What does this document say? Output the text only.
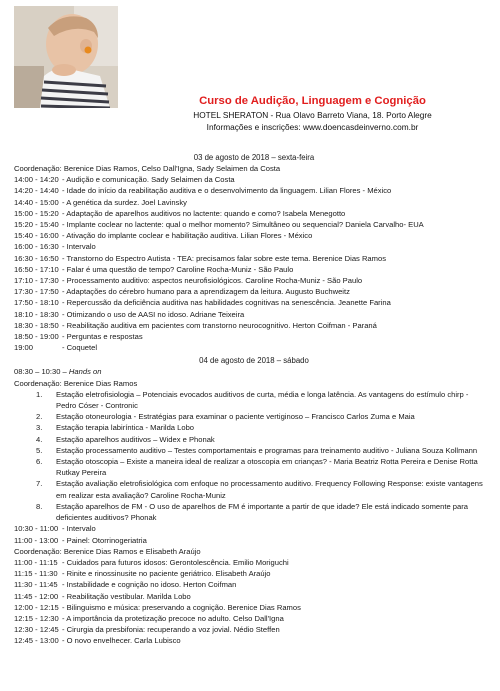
Curso de Audição, Linguagem e Cognição
HOTEL SHERATON - Rua Olavo Barreto Viana, 18. Porto Alegre
Informações e inscrições: www.doencasdeinverno.com.br
03 de agosto de 2018 – sexta-feira
Coordenação: Berenice Dias Ramos, Celso Dall'Igna, Sady Selaimen da Costa
14:00 - 14:20 - Audição e comunicação. Sady Selaimen da Costa
14:20 - 14:40 - Idade do início da reabilitação auditiva e o desenvolvimento da linguagem. Lilian Flores - México
14:40 - 15:00 - A genética da surdez. Joel Lavinsky
15:00 - 15:20 - Adaptação de aparelhos auditivos no lactente: quando e como? Isabela Menegotto
15:20 - 15:40 - Implante coclear no lactente: qual o melhor momento? Simultâneo ou sequencial? Daniela Carvalho- EUA
15:40 - 16:00 - Ativação do implante coclear e habilitação auditiva. Lilian Flores - México
16:00 - 16:30 - Intervalo
16:30 - 16:50 - Transtorno do Espectro Autista - TEA: precisamos falar sobre este tema. Berenice Dias Ramos
16:50 - 17:10 - Falar é uma questão de tempo? Caroline Rocha-Muniz - São Paulo
17:10 - 17:30 - Processamento auditivo: aspectos neurofisiológicos. Caroline Rocha-Muniz - São Paulo
17:30 - 17:50 - Adaptações do cérebro humano para a aprendizagem da leitura. Augusto Buchweitz
17:50 - 18:10 - Repercussão da deficiência auditiva nas habilidades cognitivas na senescência. Jeanette Farina
18:10 - 18:30 - Otimizando o uso de AASI no idoso. Adriane Teixeira
18:30 - 18:50 - Reabilitação auditiva em pacientes com transtorno neurocognitivo. Herton Coifman - Paraná
18:50 - 19:00 - Perguntas e respostas
19:00	- Coquetel
04 de agosto de 2018 – sábado
08:30 – 10:30 – Hands on
Coordenação: Berenice Dias Ramos
1. Estação eletrofisiologia – Potenciais evocados auditivos de curta, média e longa latência. As vantagens do estímulo chirp - Pedro Cóser - Contronic
2. Estação otoneurologia - Estratégias para examinar o paciente vertiginoso – Francisco Carlos Zuma e Maia
3. Estação terapia labiríntica - Marilda Lobo
4. Estação aparelhos auditivos – Widex e Phonak
5. Estação processamento auditivo – Testes comportamentais e programas para treinamento auditivo - Juliana Souza Kollmann
6. Estação otoscopia – Existe a maneira ideal de realizar a otoscopia em crianças? - Maria Beatriz Rotta Pereira e Denise Rotta Rutkay Pereira
7. Estação avaliação eletrofisiológica com enfoque no processamento auditivo. Frequency Following Response: existe vantagens em realizar esta avaliação? Caroline Rocha-Muniz
8. Estação aparelhos de FM - O uso de aparelhos de FM é importante a partir de que idade? Ele está indicado somente para deficientes auditivos? Phonak
10:30 - 11:00 - Intervalo
11:00 - 13:00 - Painel: Otorrinogeriatria
Coordenação: Berenice Dias Ramos e Elisabeth Araújo
11:00 - 11:15 - Cuidados para futuros idosos: Gerontolescência. Emilio Moriguchi
11:15 - 11:30 - Rinite e rinossinusite no paciente geriátrico. Elisabeth Araújo
11:30 - 11:45 - Instabilidade e cognição no idoso. Herton Coifman
11:45 - 12:00 - Reabilitação vestibular. Marilda Lobo
12:00 - 12:15 - Bilinguismo e música: preservando a cognição. Berenice Dias Ramos
12:15 - 12:30 - A importância da protetização precoce no adulto. Celso Dall'Igna
12:30 - 12:45 - Cirurgia da presbifonia: recuperando a voz jovial. Nédio Steffen
12:45 - 13:00 - O novo envelhecer. Carla Lubisco
